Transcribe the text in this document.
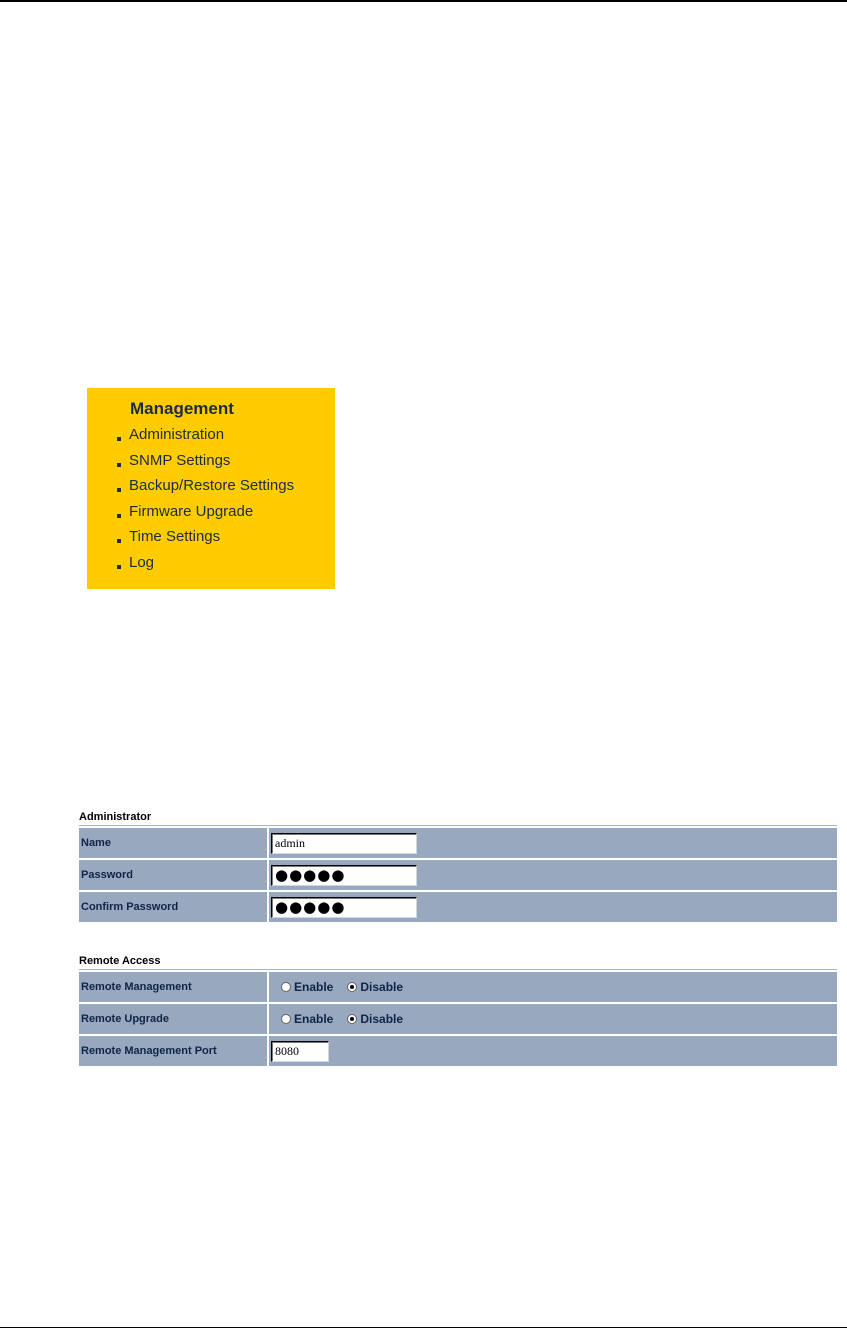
Management
Administration
SNMP Settings
Backup/Restore Settings
Firmware Upgrade
Time Settings
Log
Administrator
Name	admin
Password	●●●●●
Confirm Password	●●●●●
Remote Access
Remote Management	Enable Disable
Remote Upgrade	Enable Disable
Remote Management Port	8080
